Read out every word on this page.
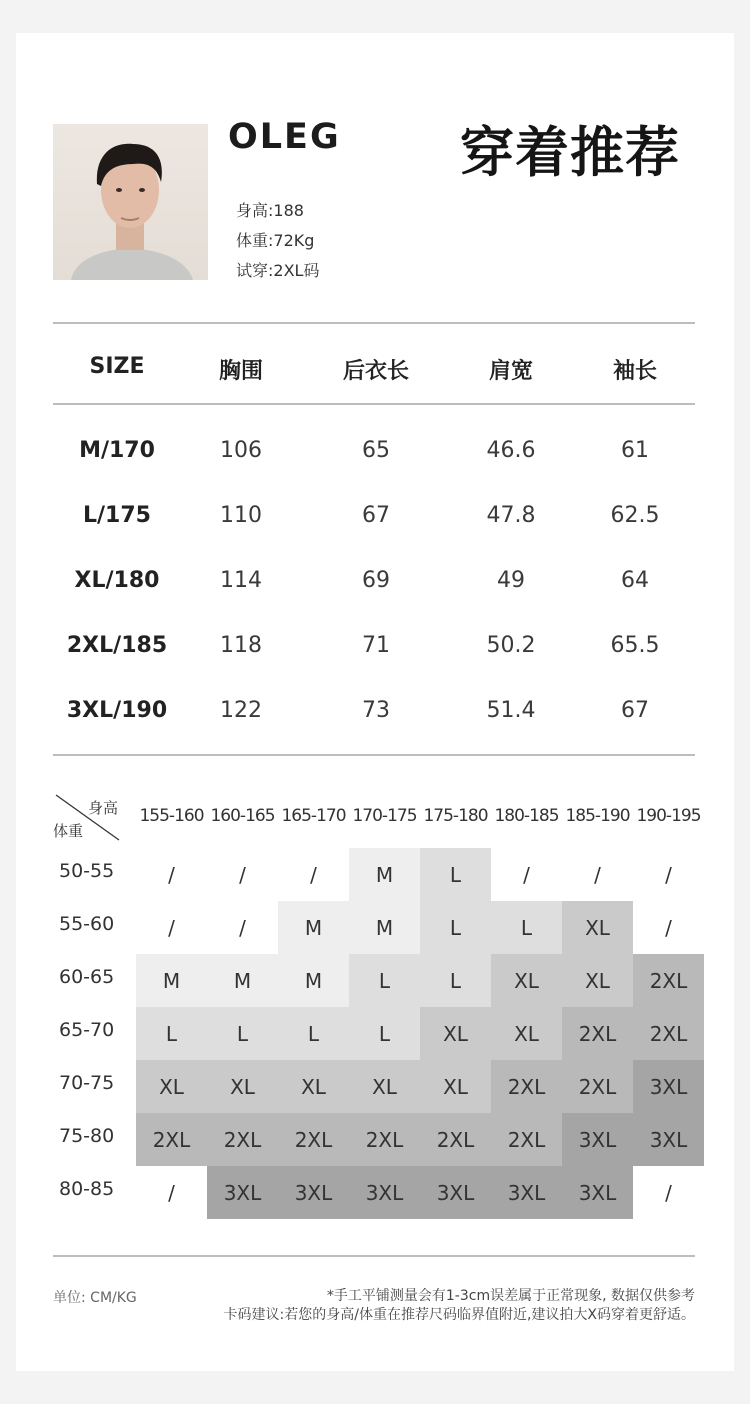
OLEG
身高:188
体重:72Kg
试穿:2XL码
穿着推荐
SIZE	胸围	后衣长	肩宽	袖长
M/170	106	65	46.6	61
L/175	110	67	47.8	62.5
XL/180	114	69	49	64
2XL/185 118	71	50.2	65.5
3XL/190 122	73	51.4	67
身高
体重
155-160 160-165 165-170 170-175 175-180 180-185 185-190 190-195
50-55	/	/	/	M	L	/	/	/
55-60	/	/	M	M	L	L	XL	/
60-65	M	M	M	L	L	XL	XL	2XL
65-70	L	L	L	L	XL	XL	2XL	2XL
70-75	XL	XL	XL	XL	XL	2XL	2XL	3XL
75-80	2XL	2XL	2XL	2XL	2XL	2XL	3XL	3XL
80-85	/	3XL	3XL	3XL	3XL	3XL	3XL	/
单位: CM/KG	*手工平铺测量会有1-3cm误差属于正常现象, 数据仅供参考
卡码建议:若您的身高/体重在推荐尺码临界值附近,建议拍大X码穿着更舒适。
